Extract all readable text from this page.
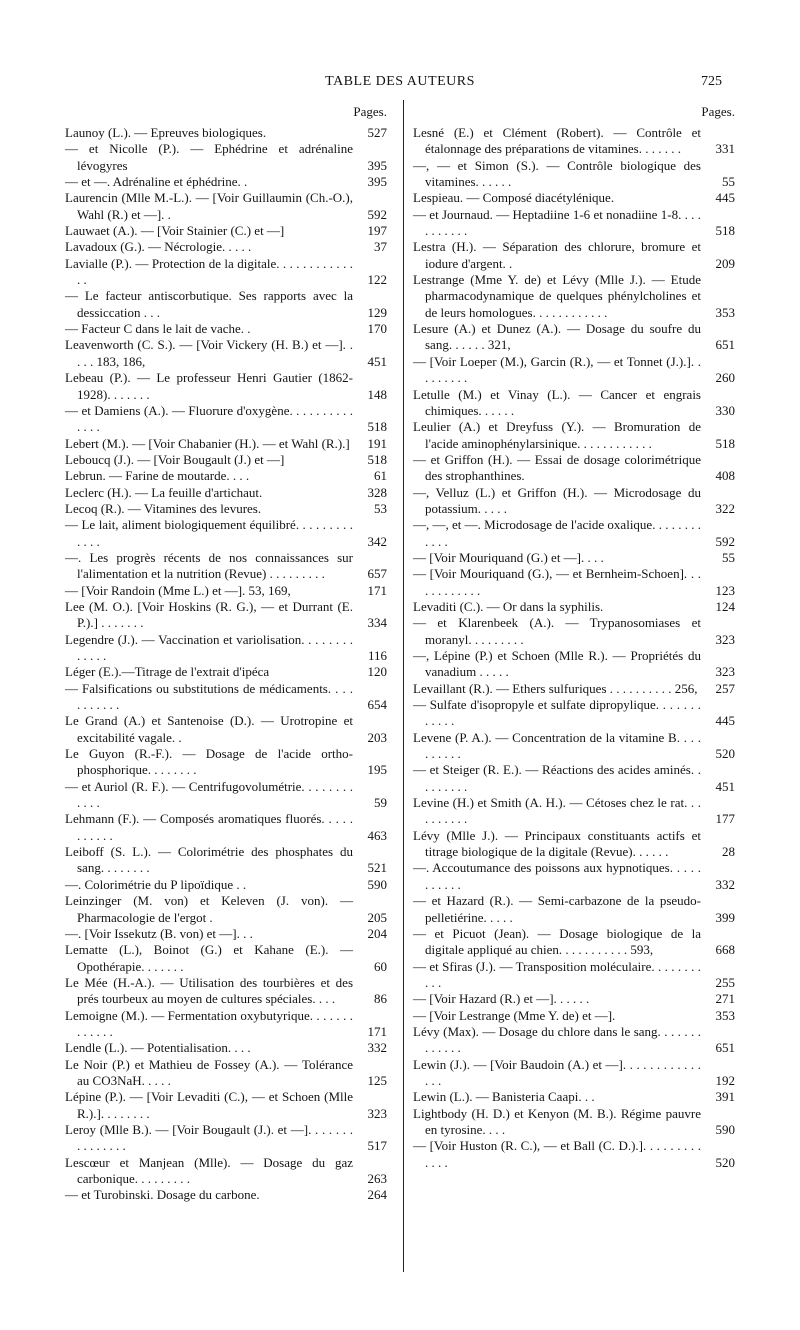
TABLE DES AUTEURS	725
Pages.
Launoy (L.). — Epreuves biologiques.	527
— et Nicolle (P.). — Ephédrine et adrénaline lévogyres	395
— et —. Adrénaline et éphédrine. .	395
Laurencin (Mlle M.-L.). — [Voir Guillaumin (Ch.-O.), Wahl (R.) et —]. .	592
Lauwaet (A.). — [Voir Stainier (C.) et —]	197
Lavadoux (G.). — Nécrologie. . . . .	37
Lavialle (P.). — Protection de la digitale. . . . . . . . . . . . . .	122
— Le facteur antiscorbutique. Ses rapports avec la dessiccation . . .	129
— Facteur C dans le lait de vache. .	170
Leavenworth (C. S.). — [Voir Vickery (H. B.) et —]. . . . . 183, 186,	451
Lebeau (P.). — Le professeur Henri Gautier (1862-1928). . . . . . .	148
— et Damiens (A.). — Fluorure d'oxygène. . . . . . . . . . . . . .	518
Lebert (M.). — [Voir Chabanier (H.). — et Wahl (R.).]	191
Leboucq (J.). — [Voir Bougault (J.) et —]	518
Lebrun. — Farine de moutarde. . . .	61
Leclerc (H.). — La feuille d'artichaut.	328
Lecoq (R.). — Vitamines des levures.	53
— Le lait, aliment biologiquement équilibré. . . . . . . . . . . . .	342
—. Les progrès récents de nos connaissances sur l'alimentation et la nutrition (Revue) . . . . . . . . .	657
— [Voir Randoin (Mme L.) et —]. 53, 169,	171
Lee (M. O.). [Voir Hoskins (R. G.), — et Durrant (E. P.).] . . . . . . .	334
Legendre (J.). — Vaccination et variolisation. . . . . . . . . . . . .	116
Léger (E.).—Titrage de l'extrait d'ipéca	120
— Falsifications ou substitutions de médicaments. . . . . . . . . . .	654
Le Grand (A.) et Santenoise (D.). — Urotropine et excitabilité vagale. .	203
Le Guyon (R.-F.). — Dosage de l'acide ortho-phosphorique. . . . . . . .	195
— et Auriol (R. F.). — Centrifugovolumétrie. . . . . . . . . . . .	59
Lehmann (F.). — Composés aromatiques fluorés. . . . . . . . . . .	463
Leiboff (S. L.). — Colorimétrie des phosphates du sang. . . . . . . .	521
—. Colorimétrie du P lipoïdique . .	590
Leinzinger (M. von) et Keleven (J. von). — Pharmacologie de l'ergot .	205
—. [Voir Issekutz (B. von) et —]. . .	204
Lematte (L.), Boinot (G.) et Kahane (E.). — Opothérapie. . . . . . .	60
Le Mée (H.-A.). — Utilisation des tourbières et des prés tourbeux au moyen de cultures spéciales. . . .	86
Lemoigne (M.). — Fermentation oxybutyrique. . . . . . . . . . . . .	171
Lendle (L.). — Potentialisation. . . .	332
Le Noir (P.) et Mathieu de Fossey (A.). — Tolérance au CO3NaH. . . . .	125
Lépine (P.). — [Voir Levaditi (C.), — et Schoen (Mlle R.).]. . . . . . . .	323
Leroy (Mlle B.). — [Voir Bougault (J.). et —]. . . . . . . . . . . . . . .	517
Lescœur et Manjean (Mlle). — Dosage du gaz carbonique. . . . . . . . .	263
— et Turobinski. Dosage du carbone.	264
Pages.
Lesné (E.) et Clément (Robert). — Contrôle et étalonnage des préparations de vitamines. . . . . . .	331
—, — et Simon (S.). — Contrôle biologique des vitamines. . . . . .	55
Lespieau. — Composé diacétylénique.	445
— et Journaud. — Heptadiine 1-6 et nonadiine 1-8. . . . . . . . . . .	518
Lestra (H.). — Séparation des chlorure, bromure et iodure d'argent. .	209
Lestrange (Mme Y. de) et Lévy (Mlle J.). — Etude pharmacodynamique de quelques phénylcholines et de leurs homologues. . . . . . . . . . . .	353
Lesure (A.) et Dunez (A.). — Dosage du soufre du sang. . . . . . 321,	651
— [Voir Loeper (M.), Garcin (R.), — et Tonnet (J.).]. . . . . . . . .	260
Letulle (M.) et Vinay (L.). — Cancer et engrais chimiques. . . . . .	330
Leulier (A.) et Dreyfuss (Y.). — Bromuration de l'acide aminophénylarsinique. . . . . . . . . . . .	518
— et Griffon (H.). — Essai de dosage colorimétrique des strophanthines.	408
—, Velluz (L.) et Griffon (H.). — Microdosage du potassium. . . . .	322
—, —, et —. Microdosage de l'acide oxalique. . . . . . . . . . . .	592
— [Voir Mouriquand (G.) et —]. . . .	55
— [Voir Mouriquand (G.), — et Bernheim-Schoen]. . . . . . . . . . . .	123
Levaditi (C.). — Or dans la syphilis.	124
— et Klarenbeek (A.). — Trypanosomiases et moranyl. . . . . . . . .	323
—, Lépine (P.) et Schoen (Mlle R.). — Propriétés du vanadium . . . . .	323
Levaillant (R.). — Ethers sulfuriques . . . . . . . . . . 256,	257
— Sulfate d'isopropyle et sulfate dipropylique. . . . . . . . . . . .	445
Levene (P. A.). — Concentration de la vitamine B. . . . . . . . . .	520
— et Steiger (R. E.). — Réactions des acides aminés. . . . . . . . .	451
Levine (H.) et Smith (A. H.). — Cétoses chez le rat. . . . . . . . . .	177
Lévy (Mlle J.). — Principaux constituants actifs et titrage biologique de la digitale (Revue). . . . . .	28
—. Accoutumance des poissons aux hypnotiques. . . . . . . . . . .	332
— et Hazard (R.). — Semi-carbazone de la pseudo-pelletiérine. . . . .	399
— et Picuot (Jean). — Dosage biologique de la digitale appliqué au chien. . . . . . . . . . . 593,	668
— et Sfiras (J.). — Transposition moléculaire. . . . . . . . . . .	255
— [Voir Hazard (R.) et —]. . . . . .	271
— [Voir Lestrange (Mme Y. de) et —].	353
Lévy (Max). — Dosage du chlore dans le sang. . . . . . . . . . . . .	651
Lewin (J.). — [Voir Baudoin (A.) et —]. . . . . . . . . . . . . . .	192
Lewin (L.). — Banisteria Caapi. . .	391
Lightbody (H. D.) et Kenyon (M. B.). Régime pauvre en tyrosine. . . .	590
— [Voir Huston (R. C.), — et Ball (C. D.).]. . . . . . . . . . . . .	520
